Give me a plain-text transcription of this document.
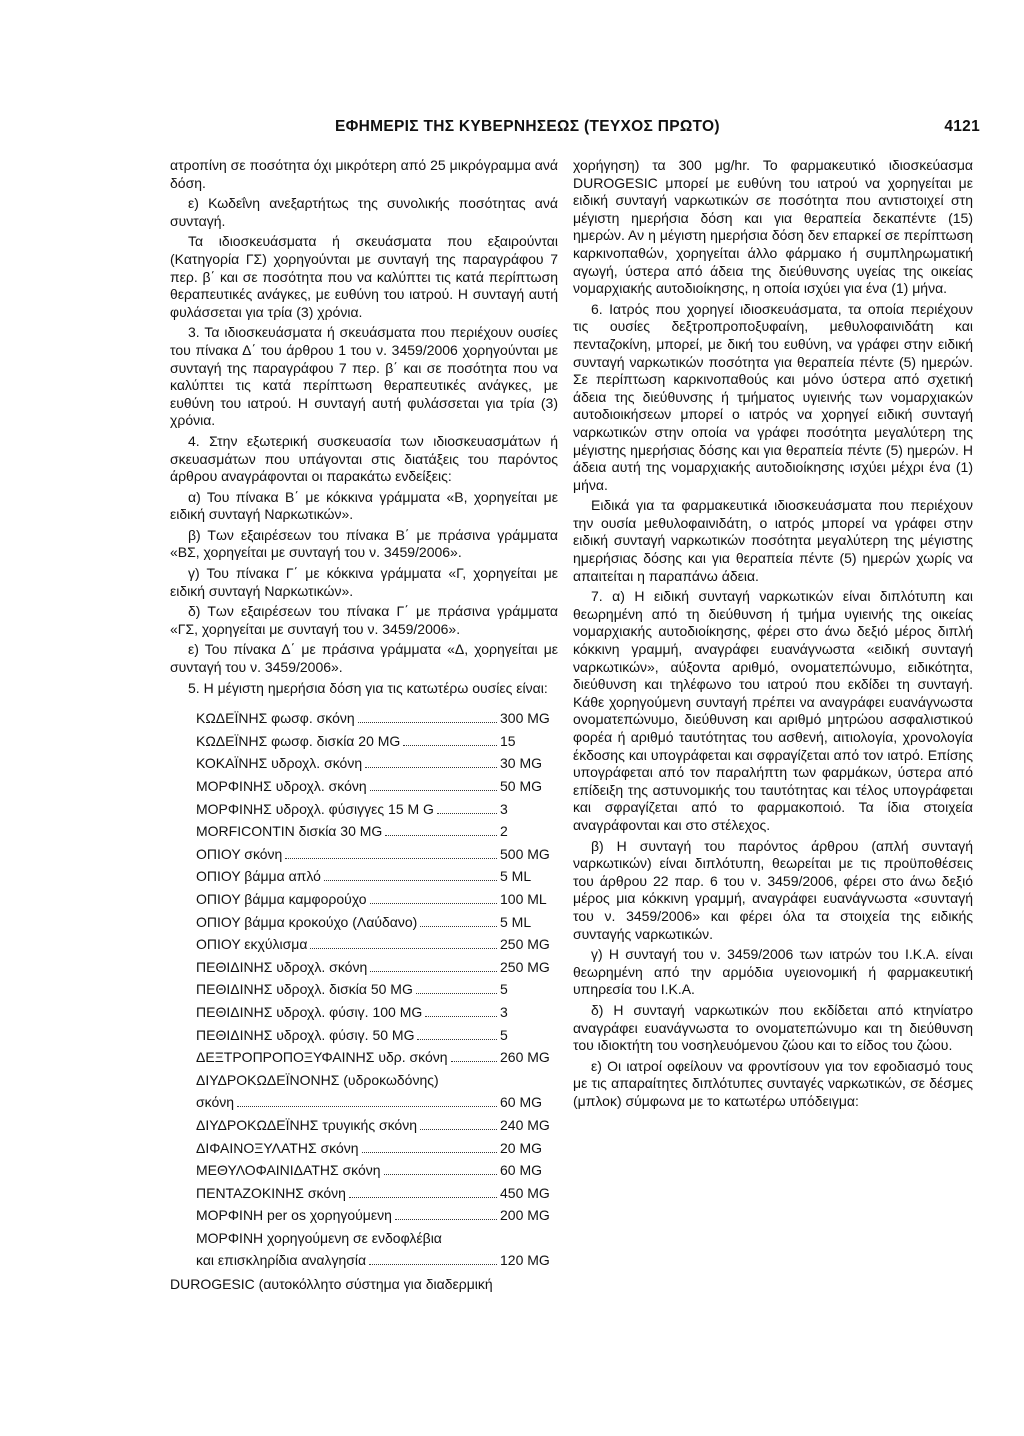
ΕΦΗΜΕΡΙΣ ΤΗΣ ΚΥΒΕΡΝΗΣΕΩΣ (ΤΕΥΧΟΣ ΠΡΩΤΟ)	4121

ατροπίνη σε ποσότητα όχι μικρότερη από 25 μικρόγραμμα ανά δόση.

ε) Κωδεΐνη ανεξαρτήτως της συνολικής ποσότητας ανά συνταγή.

Τα ιδιοσκευάσματα ή σκευάσματα που εξαιρούνται (Κατηγορία ΓΣ) χορηγούνται με συνταγή της παραγράφου 7 περ. β΄ και σε ποσότητα που να καλύπτει τις κατά περίπτωση θεραπευτικές ανάγκες, με ευθύνη του ιατρού. Η συνταγή αυτή φυλάσσεται για τρία (3) χρόνια.

3. Τα ιδιοσκευάσματα ή σκευάσματα που περιέχουν ουσίες του πίνακα Δ΄ του άρθρου 1 του ν. 3459/2006 χορηγούνται με συνταγή της παραγράφου 7 περ. β΄ και σε ποσότητα που να καλύπτει τις κατά περίπτωση θεραπευτικές ανάγκες, με ευθύνη του ιατρού. Η συνταγή αυτή φυλάσσεται για τρία (3) χρόνια.

4. Στην εξωτερική συσκευασία των ιδιοσκευασμάτων ή σκευασμάτων που υπάγονται στις διατάξεις του παρόντος άρθρου αναγράφονται οι παρακάτω ενδείξεις:

α) Του πίνακα Β΄ με κόκκινα γράμματα «Β, χορηγείται με ειδική συνταγή Ναρκωτικών».

β) Των εξαιρέσεων του πίνακα Β΄ με πράσινα γράμματα «ΒΣ, χορηγείται με συνταγή του ν. 3459/2006».

γ) Του πίνακα Γ΄ με κόκκινα γράμματα «Γ, χορηγείται με ειδική συνταγή Ναρκωτικών».

δ) Των εξαιρέσεων του πίνακα Γ΄ με πράσινα γράμματα «ΓΣ, χορηγείται με συνταγή του ν. 3459/2006».

ε) Του πίνακα Δ΄ με πράσινα γράμματα «Δ, χορηγείται με συνταγή του ν. 3459/2006».

5. Η μέγιστη ημερήσια δόση για τις κατωτέρω ουσίες είναι:

ΚΩΔΕΪΝΗΣ φωσφ. σκόνη	300 MG
ΚΩΔΕΪΝΗΣ φωσφ. δισκία 20 MG	15
ΚΟΚΑΪΝΗΣ υδροχλ. σκόνη	30 MG
ΜΟΡΦΙΝΗΣ υδροχλ. σκόνη	50 MG
ΜΟΡΦΙΝΗΣ υδροχλ. φύσιγγες 15 M G	3
MORFICONTIN δισκία 30 MG	2
ΟΠΙΟΥ σκόνη	500 MG
ΟΠΙΟΥ βάμμα απλό	5 ML
ΟΠΙΟΥ βάμμα καμφορούχο	100 ML
ΟΠΙΟΥ βάμμα κροκούχο (Λαύδανο)	5 ML
ΟΠΙΟΥ εκχύλισμα	250 MG
ΠΕΘΙΔΙΝΗΣ υδροχλ. σκόνη	250 MG
ΠΕΘΙΔΙΝΗΣ υδροχλ. δισκία 50 MG	5
ΠΕΘΙΔΙΝΗΣ υδροχλ. φύσιγ. 100 MG	3
ΠΕΘΙΔΙΝΗΣ υδροχλ. φύσιγ. 50 MG	5
ΔΕΞΤΡΟΠΡΟΠΟΞΥΦΑΙΝΗΣ υδρ. σκόνη	260 MG
ΔΙΥΔΡΟΚΩΔΕΪΝΟΝΗΣ (υδροκωδόνης)
σκόνη	60 MG
ΔΙΥΔΡΟΚΩΔΕΪΝΗΣ τρυγικής σκόνη	240 MG
ΔΙΦΑΙΝΟΞΥΛΑΤΗΣ σκόνη	20 MG
ΜΕΘΥΛΟΦΑΙΝΙΔΑΤΗΣ σκόνη	60 MG
ΠΕΝΤΑΖΟΚΙΝΗΣ σκόνη	450 MG
ΜΟΡΦΙΝΗ per os χορηγούμενη	200 MG
ΜΟΡΦΙΝΗ χορηγούμενη σε ενδοφλέβια
και επισκληρίδια αναλγησία	120 MG

DUROGESIC (αυτοκόλλητο σύστημα για διαδερμική

χορήγηση) τα 300 μg/hr. Το φαρμακευτικό ιδιοσκεύασμα DUROGESIC μπορεί με ευθύνη του ιατρού να χορηγείται με ειδική συνταγή ναρκωτικών σε ποσότητα που αντιστοιχεί στη μέγιστη ημερήσια δόση και για θεραπεία δεκαπέντε (15) ημερών. Αν η μέγιστη ημερήσια δόση δεν επαρκεί σε περίπτωση καρκινοπαθών, χορηγείται άλλο φάρμακο ή συμπληρωματική αγωγή, ύστερα από άδεια της διεύθυνσης υγείας της οικείας νομαρχιακής αυτοδιοίκησης, η οποία ισχύει για ένα (1) μήνα.

6. Ιατρός που χορηγεί ιδιοσκευάσματα, τα οποία περιέχουν τις ουσίες δεξτροπροποξυφαίνη, μεθυλοφαινιδάτη και πενταζοκίνη, μπορεί, με δική του ευθύνη, να γράφει στην ειδική συνταγή ναρκωτικών ποσότητα για θεραπεία πέντε (5) ημερών. Σε περίπτωση καρκινοπαθούς και μόνο ύστερα από σχετική άδεια της διεύθυνσης ή τμήματος υγιεινής των νομαρχιακών αυτοδιοικήσεων μπορεί ο ιατρός να χορηγεί ειδική συνταγή ναρκωτικών στην οποία να γράφει ποσότητα μεγαλύτερη της μέγιστης ημερήσιας δόσης και για θεραπεία πέντε (5) ημερών. Η άδεια αυτή της νομαρχιακής αυτοδιοίκησης ισχύει μέχρι ένα (1) μήνα.

Ειδικά για τα φαρμακευτικά ιδιοσκευάσματα που περιέχουν την ουσία μεθυλοφαινιδάτη, ο ιατρός μπορεί να γράφει στην ειδική συνταγή ναρκωτικών ποσότητα μεγαλύτερη της μέγιστης ημερήσιας δόσης και για θεραπεία πέντε (5) ημερών χωρίς να απαιτείται η παραπάνω άδεια.

7. α) Η ειδική συνταγή ναρκωτικών είναι διπλότυπη και θεωρημένη από τη διεύθυνση ή τμήμα υγιεινής της οικείας νομαρχιακής αυτοδιοίκησης, φέρει στο άνω δεξιό μέρος διπλή κόκκινη γραμμή, αναγράφει ευανάγνωστα «ειδική συνταγή ναρκωτικών», αύξοντα αριθμό, ονοματεπώνυμο, ειδικότητα, διεύθυνση και τηλέφωνο του ιατρού που εκδίδει τη συνταγή. Κάθε χορηγούμενη συνταγή πρέπει να αναγράφει ευανάγνωστα ονοματεπώνυμο, διεύθυνση και αριθμό μητρώου ασφαλιστικού φορέα ή αριθμό ταυτότητας του ασθενή, αιτιολογία, χρονολογία έκδοσης και υπογράφεται και σφραγίζεται από τον ιατρό. Επίσης υπογράφεται από τον παραλήπτη των φαρμάκων, ύστερα από επίδειξη της αστυνομικής του ταυτότητας και τέλος υπογράφεται και σφραγίζεται από το φαρμακοποιό. Τα ίδια στοιχεία αναγράφονται και στο στέλεχος.

β) Η συνταγή του παρόντος άρθρου (απλή συνταγή ναρκωτικών) είναι διπλότυπη, θεωρείται με τις προϋποθέσεις του άρθρου 22 παρ. 6 του ν. 3459/2006, φέρει στο άνω δεξιό μέρος μια κόκκινη γραμμή, αναγράφει ευανάγνωστα «συνταγή του ν. 3459/2006» και φέρει όλα τα στοιχεία της ειδικής συνταγής ναρκωτικών.

γ) Η συνταγή του ν. 3459/2006 των ιατρών του Ι.Κ.Α. είναι θεωρημένη από την αρμόδια υγειονομική ή φαρμακευτική υπηρεσία του Ι.Κ.Α.

δ) Η συνταγή ναρκωτικών που εκδίδεται από κτηνίατρο αναγράφει ευανάγνωστα το ονοματεπώνυμο και τη διεύθυνση του ιδιοκτήτη του νοσηλευόμενου ζώου και το είδος του ζώου.

ε) Οι ιατροί οφείλουν να φροντίσουν για τον εφοδιασμό τους με τις απαραίτητες διπλότυπες συνταγές ναρκωτικών, σε δέσμες (μπλοκ) σύμφωνα με το κατωτέρω υπόδειγμα:
